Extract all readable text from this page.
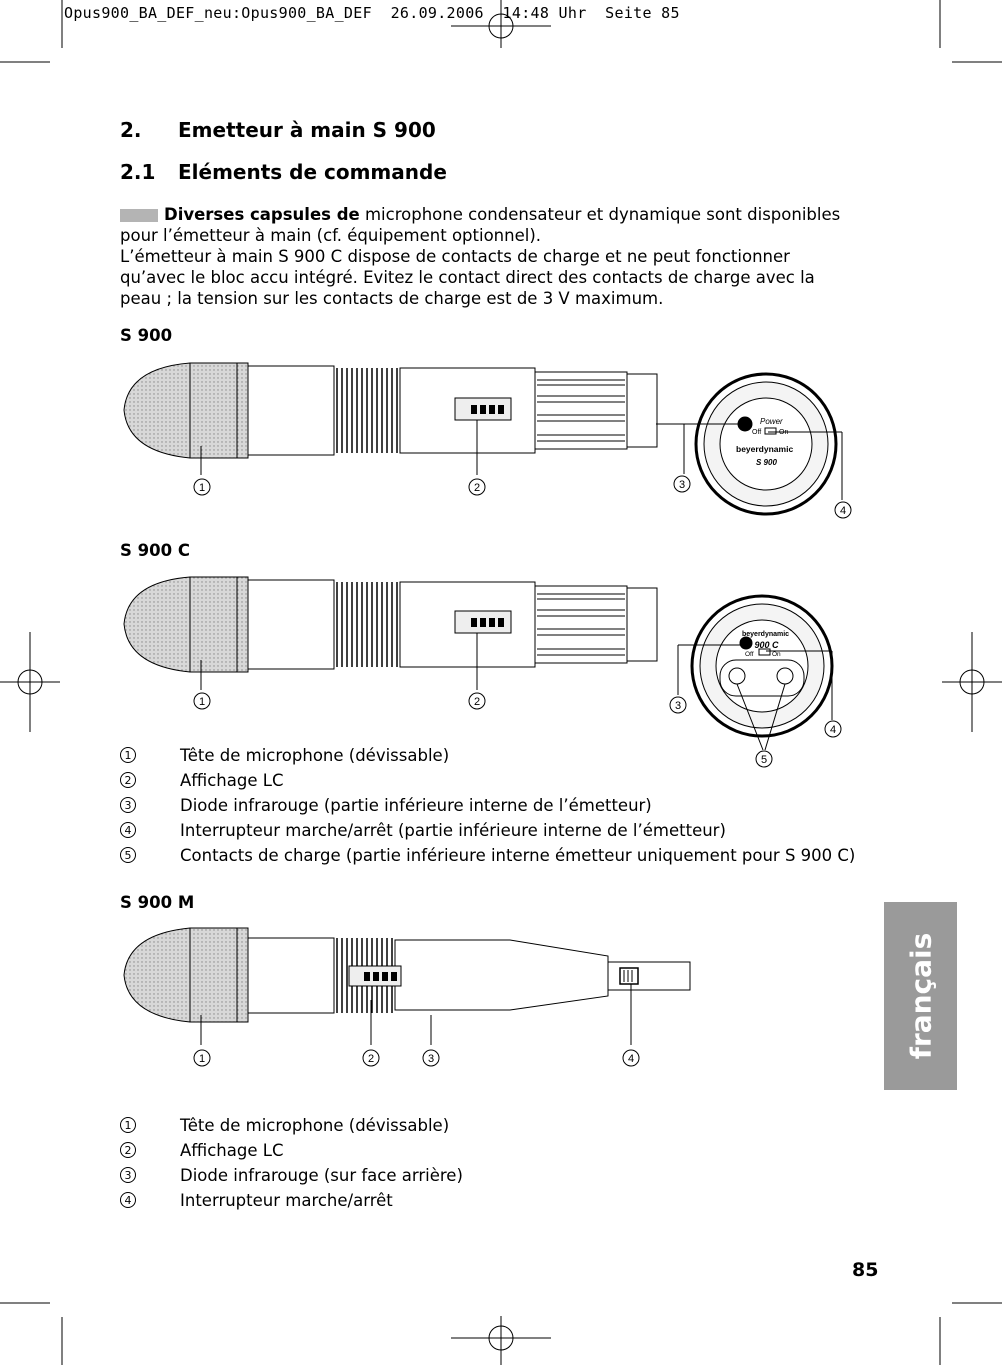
Opus900_BA_DEF_neu:Opus900_BA_DEF  26.09.2006  14:48 Uhr  Seite 85
2. Emetteur à main S 900
2.1 Eléments de commande

Diverses capsules de microphone condensateur et dynamique sont disponibles pour l’émetteur à main (cf. équipement optionnel).

L’émetteur à main S 900 C dispose de contacts de charge et ne peut fonctionner qu’avec le bloc accu intégré. Evitez le contact direct des contacts de charge avec la peau ; la tension sur les contacts de charge est de 3 V maximum.

S 900
S 900 C
S 900 M
Power
Off	On
beyerdynamic
S 900
1	2	3
4
beyerdynamic
S 900 C
Off	On
1	2	3
4
5
1	2	3	4
1	Tête de microphone (dévissable)
2	Affichage LC
3	Diode infrarouge (partie inférieure interne de l’émetteur)
4	Interrupteur marche/arrêt (partie inférieure interne de l’émetteur)
5	Contacts de charge (partie inférieure interne émetteur uniquement pour S 900 C)
1	Tête de microphone (dévissable)
2	Affichage LC
3	Diode infrarouge (sur face arrière)
4	Interrupteur marche/arrêt
français
85
